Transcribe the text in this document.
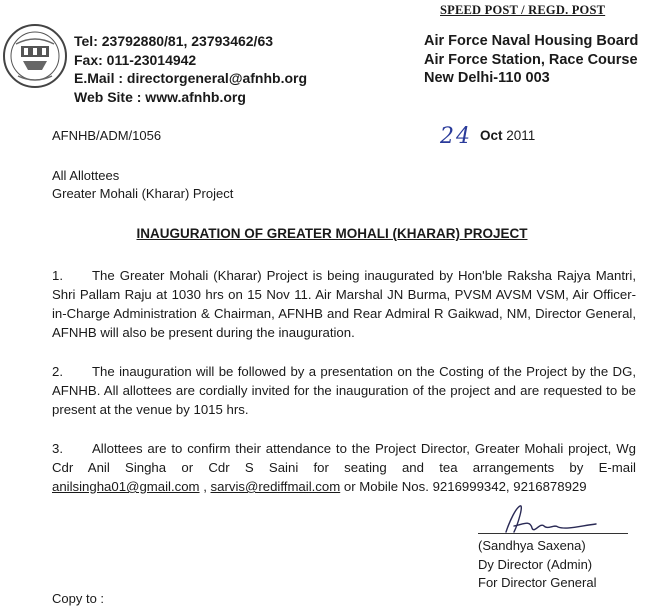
SPEED POST / REGD. POST
Tel: 23792880/81, 23793462/63
Fax: 011-23014942
E.Mail : directorgeneral@afnhb.org
Web Site : www.afnhb.org
Air Force Naval Housing Board
Air Force Station, Race Course
New Delhi-110 003
AFNHB/ADM/1056	24 Oct 2011
All Allottees
Greater Mohali (Kharar) Project
INAUGURATION OF GREATER MOHALI (KHARAR) PROJECT
1. The Greater Mohali (Kharar) Project is being inaugurated by Hon'ble Raksha Rajya Mantri, Shri Pallam Raju at 1030 hrs on 15 Nov 11. Air Marshal JN Burma, PVSM AVSM VSM, Air Officer-in-Charge Administration & Chairman, AFNHB and Rear Admiral R Gaikwad, NM, Director General, AFNHB will also be present during the inauguration.
2. The inauguration will be followed by a presentation on the Costing of the Project by the DG, AFNHB. All allottees are cordially invited for the inauguration of the project and are requested to be present at the venue by 1015 hrs.
3. Allottees are to confirm their attendance to the Project Director, Greater Mohali project, Wg Cdr Anil Singha or Cdr S Saini for seating and tea arrangements by E-mail anilsingha01@gmail.com , sarvis@rediffmail.com or Mobile Nos. 9216999342, 9216878929
(Sandhya Saxena)
Dy Director (Admin)
For Director General
Copy to :
